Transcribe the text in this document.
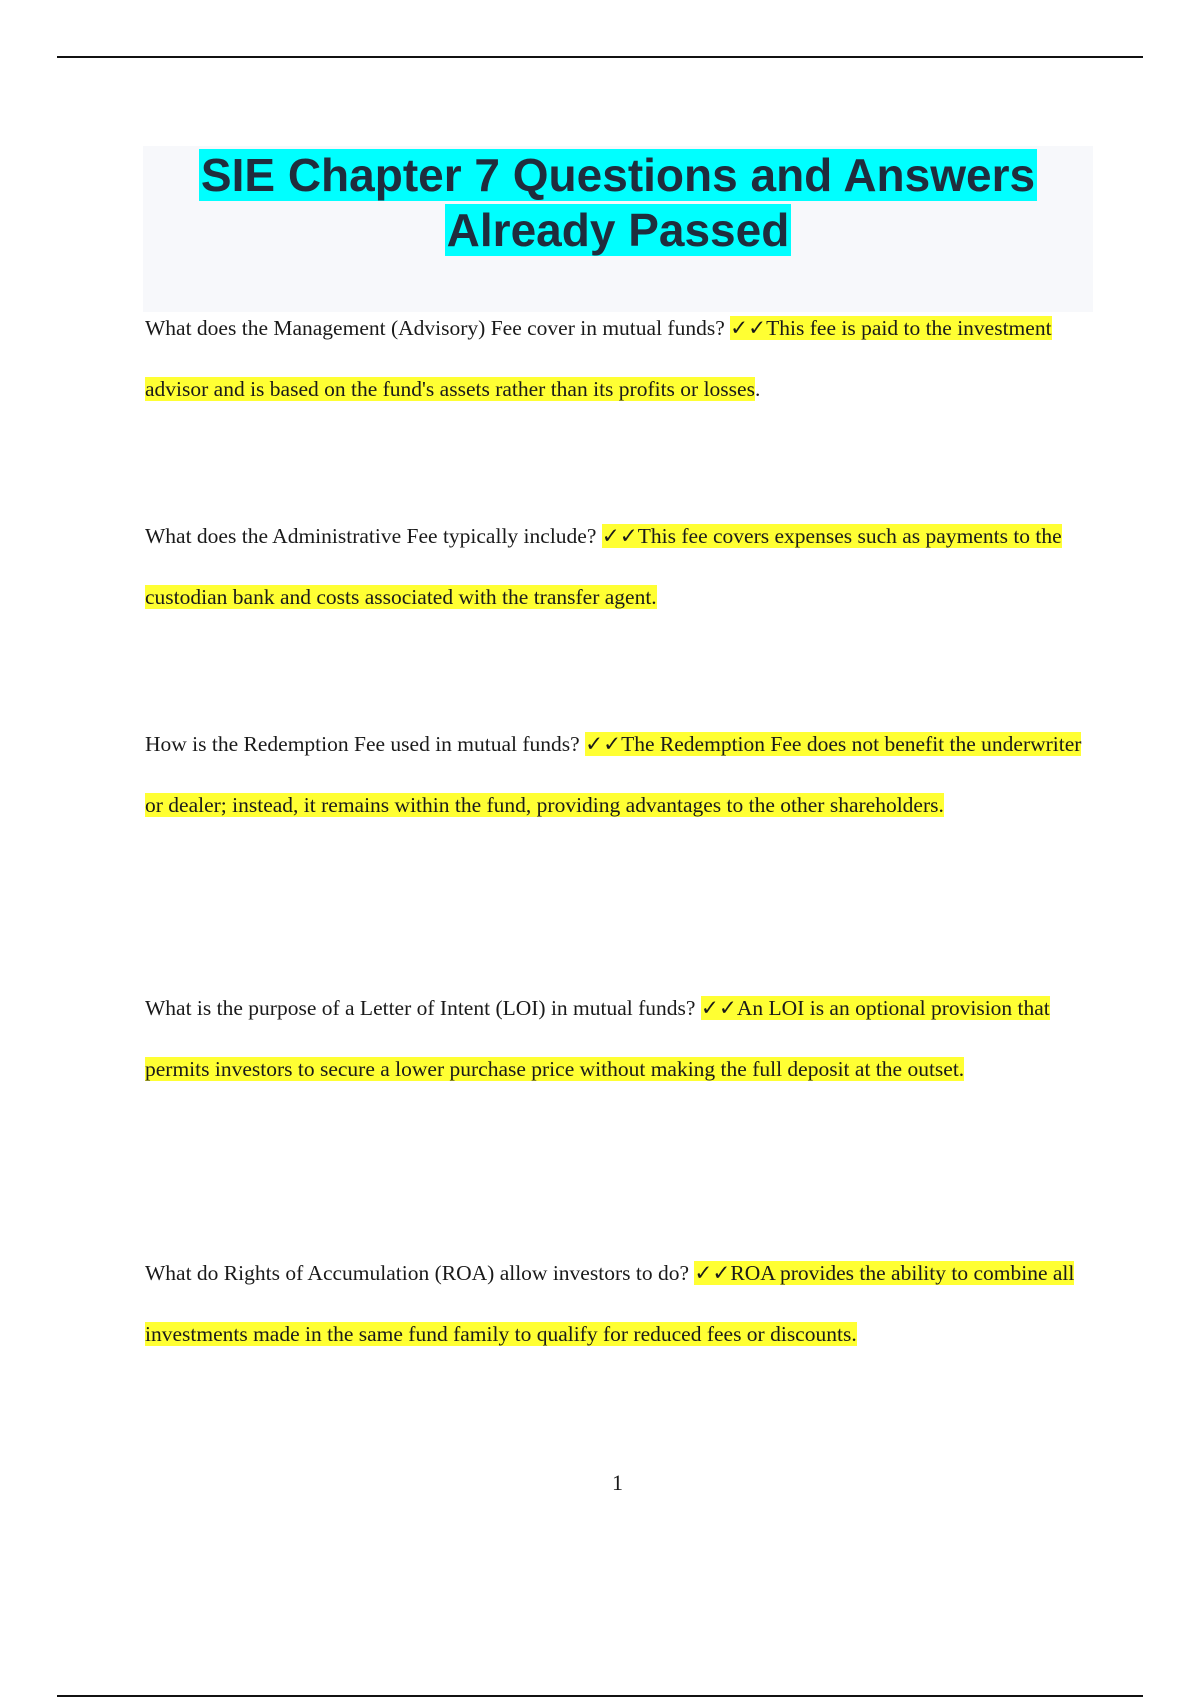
SIE Chapter 7 Questions and Answers
Already Passed

What does the Management (Advisory) Fee cover in mutual funds? ✓✓This fee is paid to the investment advisor and is based on the fund's assets rather than its profits or losses.

What does the Administrative Fee typically include? ✓✓This fee covers expenses such as payments to the custodian bank and costs associated with the transfer agent.

How is the Redemption Fee used in mutual funds? ✓✓The Redemption Fee does not benefit the underwriter or dealer; instead, it remains within the fund, providing advantages to the other shareholders.

What is the purpose of a Letter of Intent (LOI) in mutual funds? ✓✓An LOI is an optional provision that permits investors to secure a lower purchase price without making the full deposit at the outset.

What do Rights of Accumulation (ROA) allow investors to do? ✓✓ROA provides the ability to combine all investments made in the same fund family to qualify for reduced fees or discounts.

1
